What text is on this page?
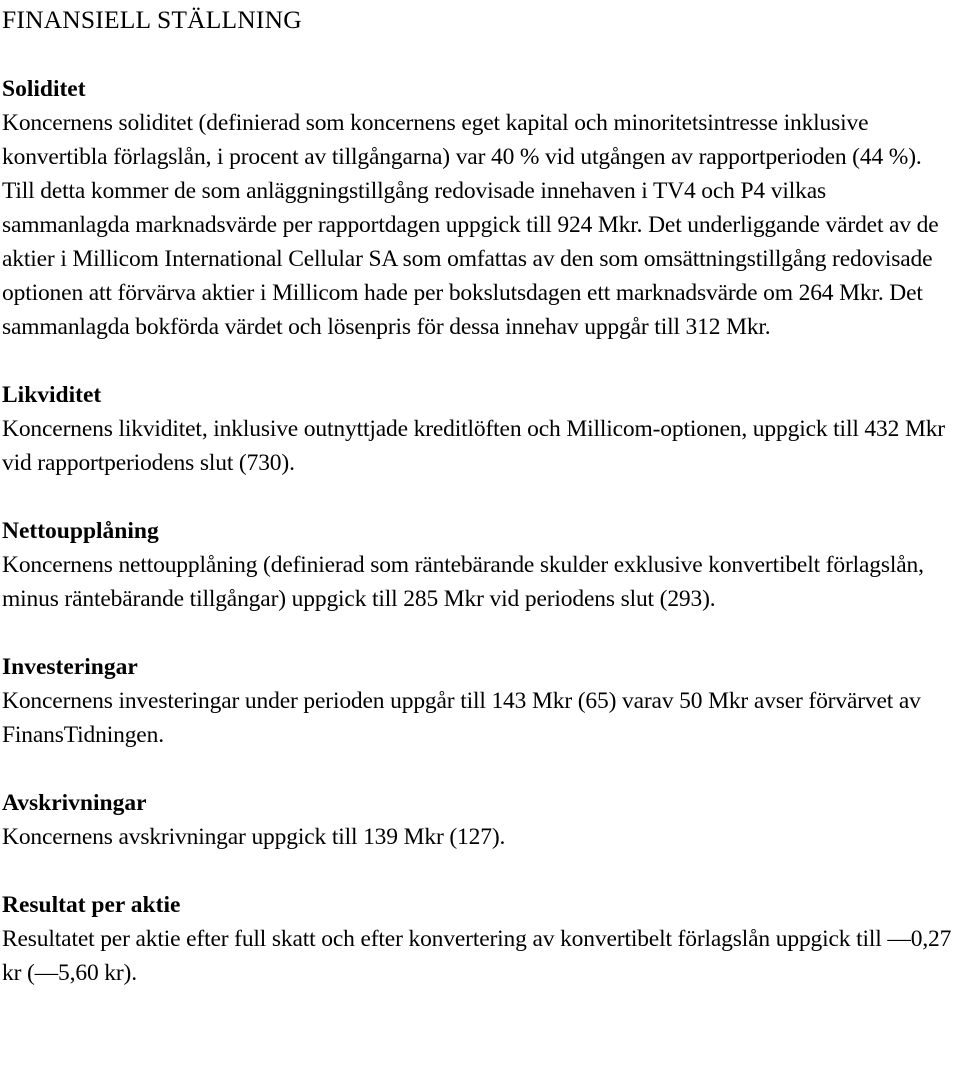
FINANSIELL STÄLLNING
Soliditet

Koncernens soliditet (definierad som koncernens eget kapital och minoritetsintresse inklusive konvertibla förlagslån, i procent av tillgångarna) var 40 % vid utgången av rapportperioden (44 %). Till detta kommer de som anläggningstillgång redovisade innehaven i TV4 och P4 vilkas sammanlagda marknadsvärde per rapportdagen uppgick till 924 Mkr. Det underliggande värdet av de aktier i Millicom International Cellular SA som omfattas av den som omsättningstillgång redovisade optionen att förvärva aktier i Millicom hade per bokslutsdagen ett marknadsvärde om 264 Mkr. Det sammanlagda bokförda värdet och lösenpris för dessa innehav uppgår till 312 Mkr.

Likviditet

Koncernens likviditet, inklusive outnyttjade kreditlöften och Millicom-optionen, uppgick till 432 Mkr vid rapportperiodens slut (730).

Nettoupplåning

Koncernens nettoupplåning (definierad som räntebärande skulder exklusive konvertibelt förlagslån, minus räntebärande tillgångar) uppgick till 285 Mkr vid periodens slut (293).

Investeringar

Koncernens investeringar under perioden uppgår till 143 Mkr (65) varav 50 Mkr avser förvärvet av FinansTidningen.

Avskrivningar

Koncernens avskrivningar uppgick till 139 Mkr (127).

Resultat per aktie

Resultatet per aktie efter full skatt och efter konvertering av konvertibelt förlagslån uppgick till —0,27 kr (—5,60 kr).
